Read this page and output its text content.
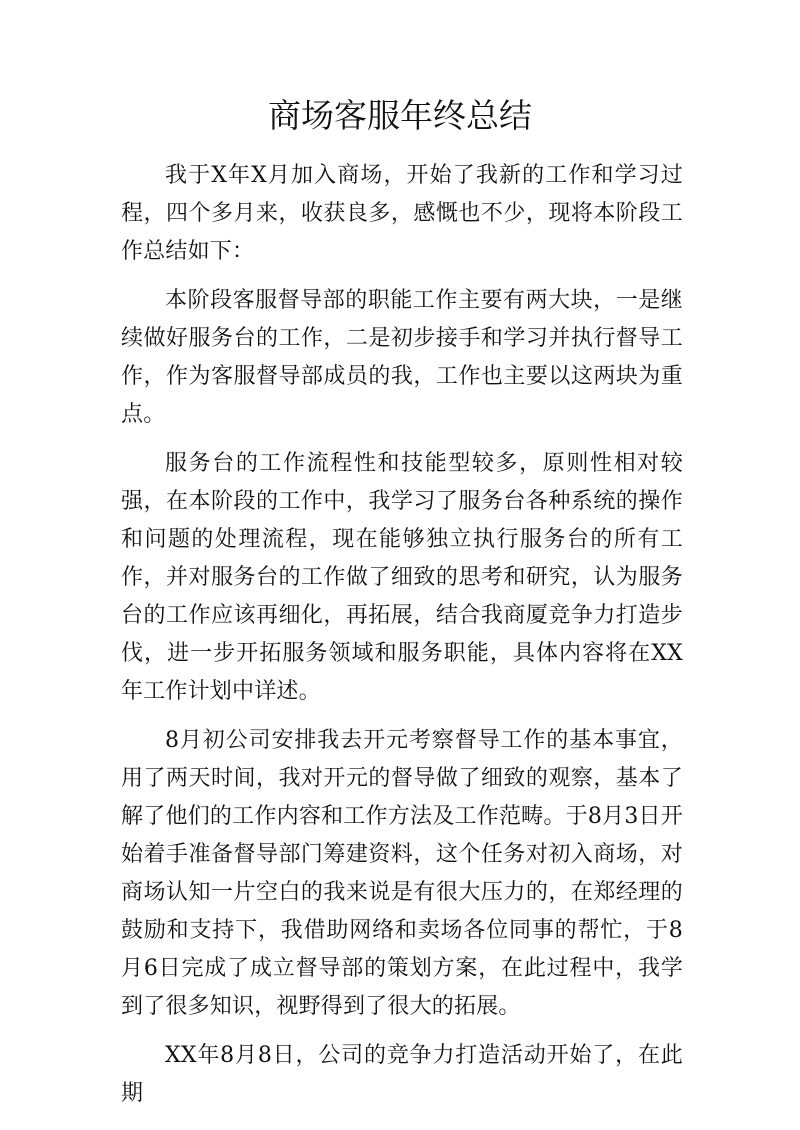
商场客服年终总结

我于X年X月加入商场，开始了我新的工作和学习过程，四个多月来，收获良多，感慨也不少，现将本阶段工作总结如下：

本阶段客服督导部的职能工作主要有两大块，一是继续做好服务台的工作，二是初步接手和学习并执行督导工作，作为客服督导部成员的我，工作也主要以这两块为重点。

服务台的工作流程性和技能型较多，原则性相对较强，在本阶段的工作中，我学习了服务台各种系统的操作和问题的处理流程，现在能够独立执行服务台的所有工作，并对服务台的工作做了细致的思考和研究，认为服务台的工作应该再细化，再拓展，结合我商厦竞争力打造步伐，进一步开拓服务领域和服务职能，具体内容将在XX年工作计划中详述。

8月初公司安排我去开元考察督导工作的基本事宜，用了两天时间，我对开元的督导做了细致的观察，基本了解了他们的工作内容和工作方法及工作范畴。于8月3日开始着手准备督导部门筹建资料，这个任务对初入商场，对商场认知一片空白的我来说是有很大压力的，在郑经理的鼓励和支持下，我借助网络和卖场各位同事的帮忙，于8月6日完成了成立督导部的策划方案，在此过程中，我学到了很多知识，视野得到了很大的拓展。

XX年8月8日，公司的竞争力打造活动开始了，在此期
